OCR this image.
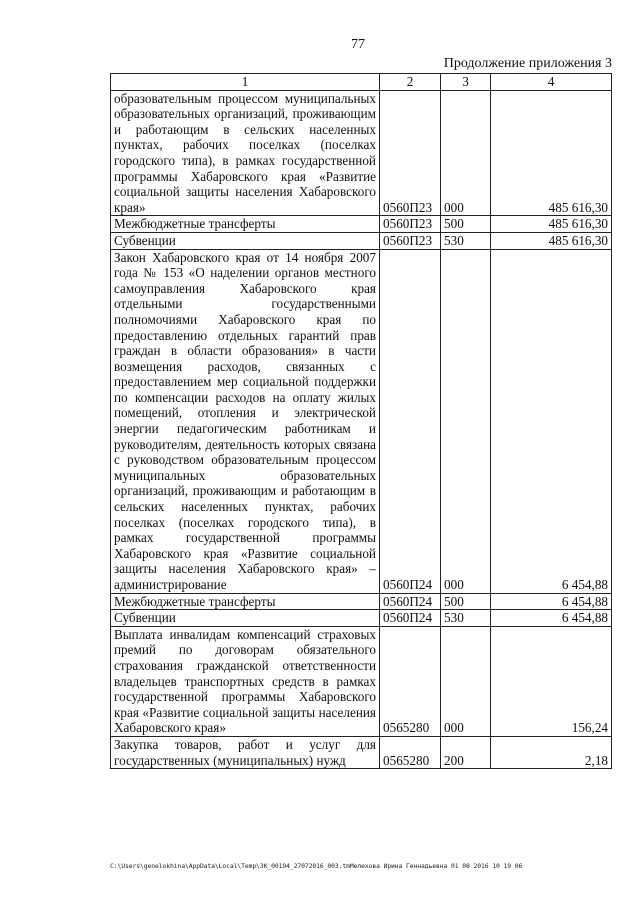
77
Продолжение приложения 3
1	2	3	4
образовательным процессом муниципальных образовательных организаций, проживающим и работающим в сельских населенных пунктах, рабочих поселках (поселках городского типа), в рамках государственной программы Хабаровского края «Развитие социальной защиты населения Хабаровского края»	0560П23	000	485 616,30
Межбюджетные трансферты	0560П23	500	485 616,30
Субвенции	0560П23	530	485 616,30
Закон Хабаровского края от 14 ноября 2007 года № 153 «О наделении органов местного самоуправления Хабаровского края отдельными государственными полномочиями Хабаровского края по предоставлению отдельных гарантий прав граждан в области образования» в части возмещения расходов, связанных с предоставлением мер социальной поддержки по компенсации расходов на оплату жилых помещений, отопления и электрической энергии педагогическим работникам и руководителям, деятельность которых связана с руководством образовательным процессом муниципальных образовательных организаций, проживающим и работающим в сельских населенных пунктах, рабочих поселках (поселках городского типа), в рамках государственной программы Хабаровского края «Развитие социальной защиты населения Хабаровского края» – администрирование	0560П24	000	6 454,88
Межбюджетные трансферты	0560П24	500	6 454,88
Субвенции	0560П24	530	6 454,88
Выплата инвалидам компенсаций страховых премий по договорам обязательного страхования гражданской ответственности владельцев транспортных средств в рамках государственной программы Хабаровского края «Развитие социальной защиты населения Хабаровского края»	0565280	000	156,24
Закупка товаров, работ и услуг для государственных (муниципальных) нужд	0565280	200	2,18
C:\Users\genelokhina\AppData\Local\Temp\ЗК_00194_27072016_003.tmМелехова Ирина Геннадьевна 01 08 2016 10 19 06
